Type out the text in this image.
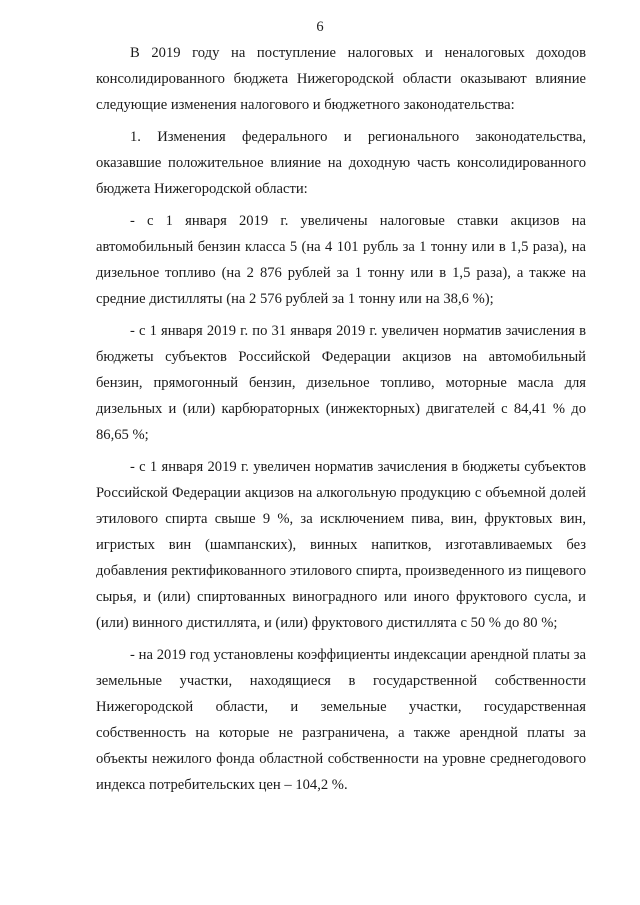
6

В 2019 году на поступление налоговых и неналоговых доходов консолидированного бюджета Нижегородской области оказывают влияние следующие изменения налогового и бюджетного законодательства:

1. Изменения федерального и регионального законодательства, оказавшие положительное влияние на доходную часть консолидированного бюджета Нижегородской области:

- с 1 января 2019 г. увеличены налоговые ставки акцизов на автомобильный бензин класса 5 (на 4 101 рубль за 1 тонну или в 1,5 раза), на дизельное топливо (на 2 876 рублей за 1 тонну или в 1,5 раза), а также на средние дистилляты (на 2 576 рублей за 1 тонну или на 38,6 %);

- с 1 января 2019 г. по 31 января 2019 г. увеличен норматив зачисления в бюджеты субъектов Российской Федерации акцизов на автомобильный бензин, прямогонный бензин, дизельное топливо, моторные масла для дизельных и (или) карбюраторных (инжекторных) двигателей с 84,41 % до 86,65 %;

- с 1 января 2019 г. увеличен норматив зачисления в бюджеты субъектов Российской Федерации акцизов на алкогольную продукцию с объемной долей этилового спирта свыше 9 %, за исключением пива, вин, фруктовых вин, игристых вин (шампанских), винных напитков, изготавливаемых без добавления ректификованного этилового спирта, произведенного из пищевого сырья, и (или) спиртованных виноградного или иного фруктового сусла, и (или) винного дистиллята, и (или) фруктового дистиллята с 50 % до 80 %;

- на 2019 год установлены коэффициенты индексации арендной платы за земельные участки, находящиеся в государственной собственности Нижегородской области, и земельные участки, государственная собственность на которые не разграничена, а также арендной платы за объекты нежилого фонда областной собственности на уровне среднегодового индекса потребительских цен – 104,2 %.
